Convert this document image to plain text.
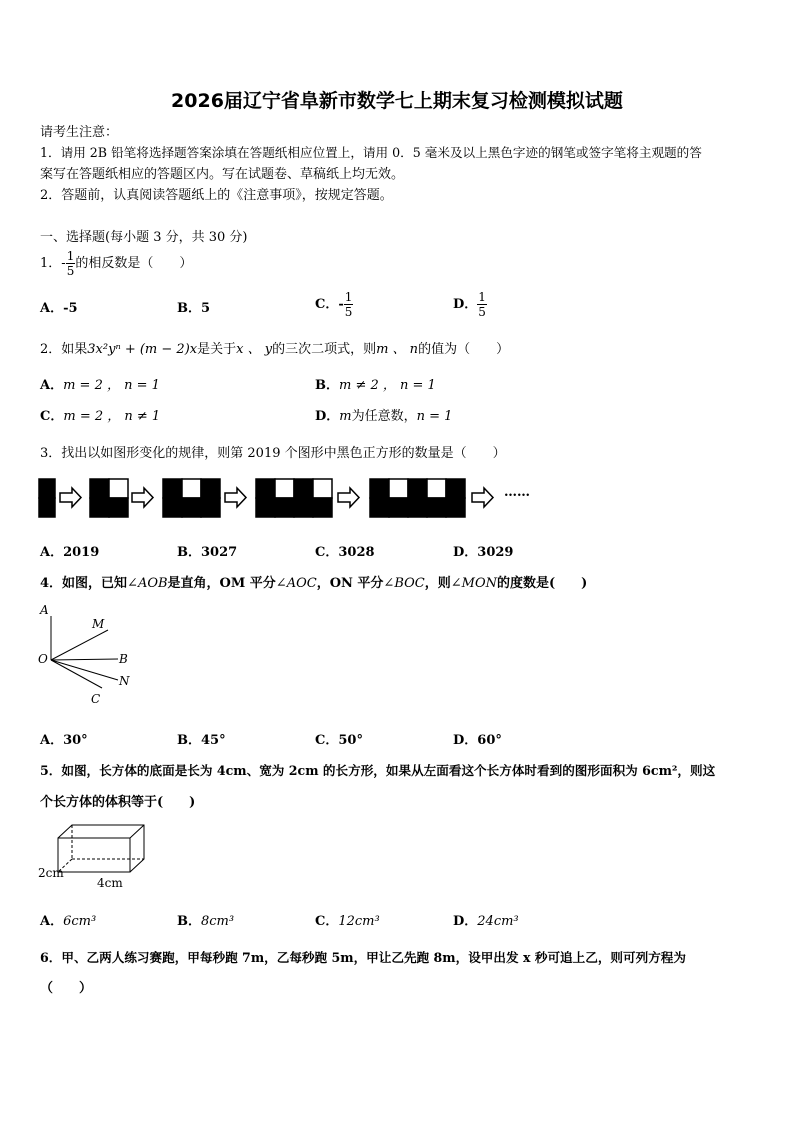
2026届辽宁省阜新市数学七上期末复习检测模拟试题
请考生注意：
1．请用 2B 铅笔将选择题答案涂填在答题纸相应位置上，请用 0．5 毫米及以上黑色字迹的钢笔或签字笔将主观题的答
案写在答题纸相应的答题区内。写在试题卷、草稿纸上均无效。
2．答题前，认真阅读答题纸上的《注意事项》，按规定答题。
一、选择题(每小题 3 分，共 30 分)
1．- $\frac{1}{5}$ 的相反数是（　　）
A．-5	B．5	C．- $\frac{1}{5}$	D． $\frac{1}{5}$
2．如果3x²yⁿ + (m − 2)x是关于x 、 y的三次二项式，则m 、 n的值为（　　）
A．m = 2 ， n = 1	B．m ≠ 2 ， n = 1
C．m = 2 ， n ≠ 1	D．m为任意数，n = 1
3．找出以如图形变化的规律，则第 2019 个图形中黑色正方形的数量是（　　）
……
A．2019	B．3027	C．3028	D．3029
4．如图，已知∠AOB是直角，OM 平分∠AOC，ON 平分∠BOC，则∠MON的度数是(　　)
A
M
O	B
N
C
A．30°	B．45°	C．50°	D．60°
5．如图，长方体的底面是长为 4cm、宽为 2cm 的长方形，如果从左面看这个长方体时看到的图形面积为 6cm²，则这
个长方体的体积等于(　　)
2cm
4cm
A．6cm³	B．8cm³	C．12cm³	D．24cm³
6．甲、乙两人练习赛跑，甲每秒跑 7m，乙每秒跑 5m，甲让乙先跑 8m，设甲出发 x 秒可追上乙，则可列方程为
（　　）
